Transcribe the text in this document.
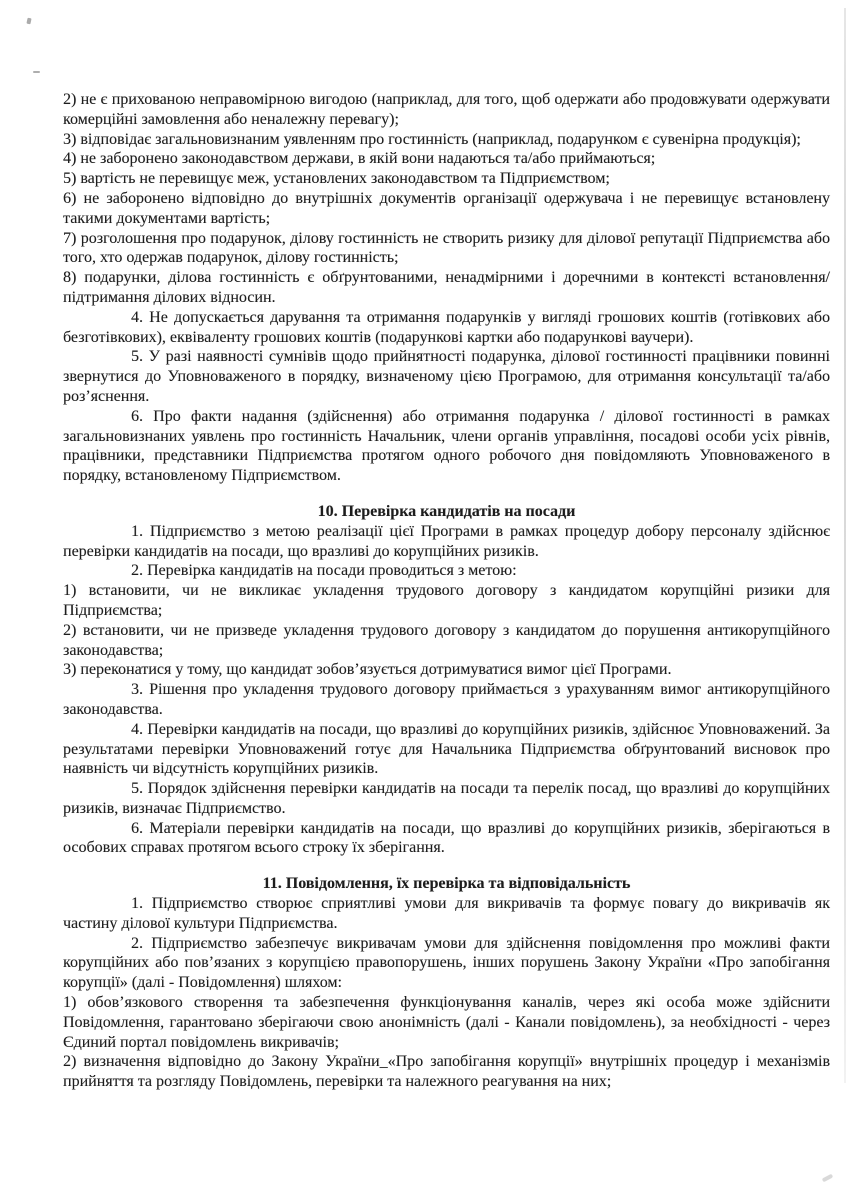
2) не є прихованою неправомірною вигодою (наприклад, для того, щоб одержати або продовжувати одержувати комерційні замовлення або неналежну перевагу);

3) відповідає загальновизнаним уявленням про гостинність (наприклад, подарунком є сувенірна продукція);

4) не заборонено законодавством держави, в якій вони надаються та/або приймаються;

5) вартість не перевищує меж, установлених законодавством та Підприємством;

6) не заборонено відповідно до внутрішніх документів організації одержувача і не перевищує встановлену такими документами вартість;

7) розголошення про подарунок, ділову гостинність не створить ризику для ділової репутації Підприємства або того, хто одержав подарунок, ділову гостинність;

8) подарунки, ділова гостинність є обґрунтованими, ненадмірними і доречними в контексті встановлення/підтримання ділових відносин.

4. Не допускається дарування та отримання подарунків у вигляді грошових коштів (готівкових або безготівкових), еквіваленту грошових коштів (подарункові картки або подарункові ваучери).

5. У разі наявності сумнівів щодо прийнятності подарунка, ділової гостинності працівники повинні звернутися до Уповноваженого в порядку, визначеному цією Програмою, для отримання консультації та/або роз’яснення.

6. Про факти надання (здійснення) або отримання подарунка / ділової гостинності в рамках загальновизнаних уявлень про гостинність Начальник, члени органів управління, посадові особи усіх рівнів, працівники, представники Підприємства протягом одного робочого дня повідомляють Уповноваженого в порядку, встановленому Підприємством.

10. Перевірка кандидатів на посади

1. Підприємство з метою реалізації цієї Програми в рамках процедур добору персоналу здійснює перевірки кандидатів на посади, що вразливі до корупційних ризиків.

2. Перевірка кандидатів на посади проводиться з метою:

1) встановити, чи не викликає укладення трудового договору з кандидатом корупційні ризики для Підприємства;

2) встановити, чи не призведе укладення трудового договору з кандидатом до порушення антикорупційного законодавства;

3) переконатися у тому, що кандидат зобов’язується дотримуватися вимог цієї Програми.

3. Рішення про укладення трудового договору приймається з урахуванням вимог антикорупційного законодавства.

4. Перевірки кандидатів на посади, що вразливі до корупційних ризиків, здійснює Уповноважений. За результатами перевірки Уповноважений готує для Начальника Підприємства обґрунтований висновок про наявність чи відсутність корупційних ризиків.

5. Порядок здійснення перевірки кандидатів на посади та перелік посад, що вразливі до корупційних ризиків, визначає Підприємство.

6. Матеріали перевірки кандидатів на посади, що вразливі до корупційних ризиків, зберігаються в особових справах протягом всього строку їх зберігання.

11. Повідомлення, їх перевірка та відповідальність

1. Підприємство створює сприятливі умови для викривачів та формує повагу до викривачів як частину ділової культури Підприємства.

2. Підприємство забезпечує викривачам умови для здійснення повідомлення про можливі факти корупційних або пов’язаних з корупцією правопорушень, інших порушень Закону України «Про запобігання корупції» (далі - Повідомлення) шляхом:

1) обов’язкового створення та забезпечення функціонування каналів, через які особа може здійснити Повідомлення, гарантовано зберігаючи свою анонімність (далі - Канали повідомлень), за необхідності - через Єдиний портал повідомлень викривачів;

2) визначення відповідно до Закону України_«Про запобігання корупції» внутрішніх процедур і механізмів прийняття та розгляду Повідомлень, перевірки та належного реагування на них;
